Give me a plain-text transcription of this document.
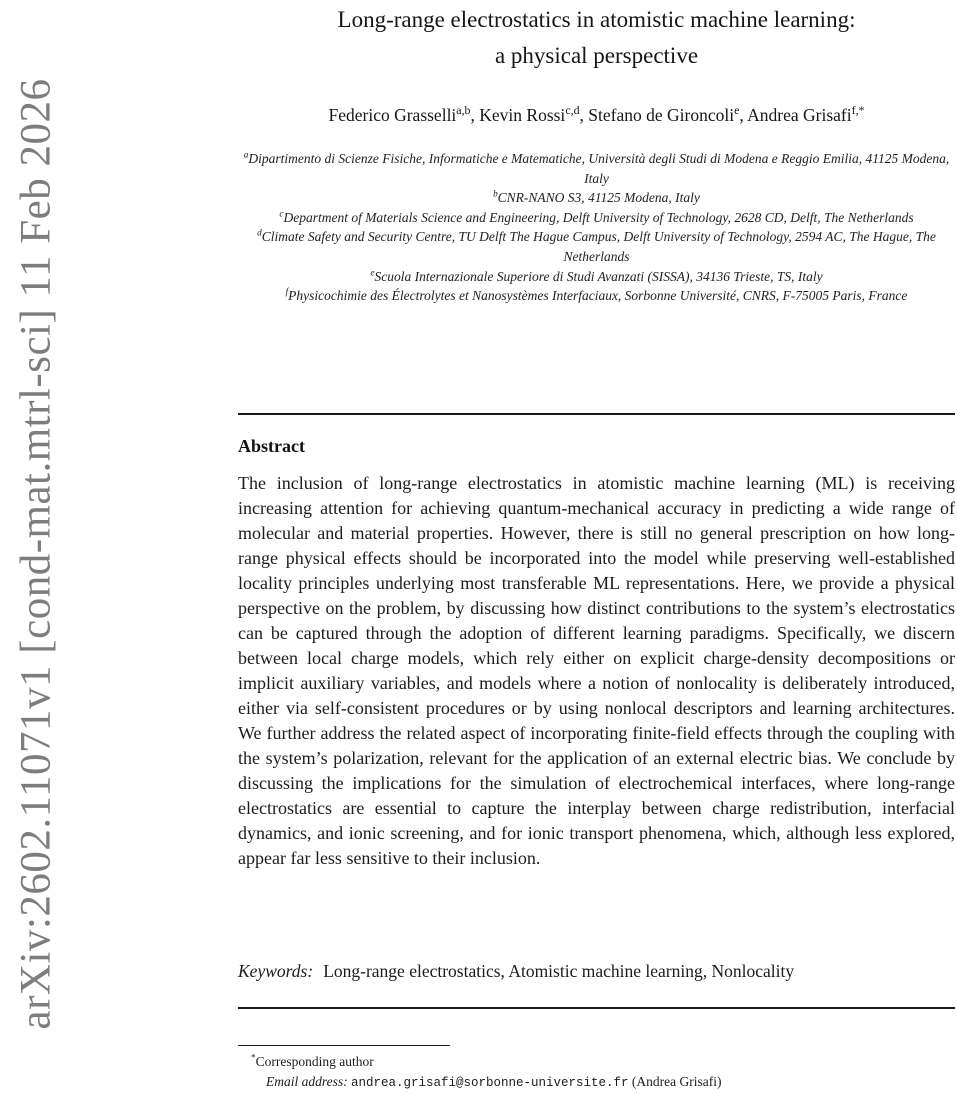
arXiv:2602.11071v1 [cond-mat.mtrl-sci] 11 Feb 2026
Long-range electrostatics in atomistic machine learning:
a physical perspective
Federico Grasselli$^{a,b}$, Kevin Rossi$^{c,d}$, Stefano de Gironcoli$^e$, Andrea Grisafi$^{f,*}$
$^a$Dipartimento di Scienze Fisiche, Informatiche e Matematiche, Università degli Studi di Modena e Reggio Emilia, 41125 Modena, Italy
$^b$CNR-NANO S3, 41125 Modena, Italy
$^c$Department of Materials Science and Engineering, Delft University of Technology, 2628 CD, Delft, The Netherlands
$^d$Climate Safety and Security Centre, TU Delft The Hague Campus, Delft University of Technology, 2594 AC, The Hague, The Netherlands
$^e$Scuola Internazionale Superiore di Studi Avanzati (SISSA), 34136 Trieste, TS, Italy
$^f$Physicochimie des Électrolytes et Nanosystèmes Interfaciaux, Sorbonne Université, CNRS, F-75005 Paris, France
Abstract
The inclusion of long-range electrostatics in atomistic machine learning (ML) is receiving increasing attention for achieving quantum-mechanical accuracy in predicting a wide range of molecular and material properties. However, there is still no general prescription on how long-range physical effects should be incorporated into the model while preserving well-established locality principles underlying most transferable ML representations. Here, we provide a physical perspective on the problem, by discussing how distinct contributions to the system’s electrostatics can be captured through the adoption of different learning paradigms. Specifically, we discern between local charge models, which rely either on explicit charge-density decompositions or implicit auxiliary variables, and models where a notion of nonlocality is deliberately introduced, either via self-consistent procedures or by using nonlocal descriptors and learning architectures. We further address the related aspect of incorporating finite-field effects through the coupling with the system’s polarization, relevant for the application of an external electric bias. We conclude by discussing the implications for the simulation of electrochemical interfaces, where long-range electrostatics are essential to capture the interplay between charge redistribution, interfacial dynamics, and ionic screening, and for ionic transport phenomena, which, although less explored, appear far less sensitive to their inclusion.
Keywords: Long-range electrostatics, Atomistic machine learning, Nonlocality
*Corresponding author
Email address: andrea.grisafi@sorbonne-universite.fr (Andrea Grisafi)
